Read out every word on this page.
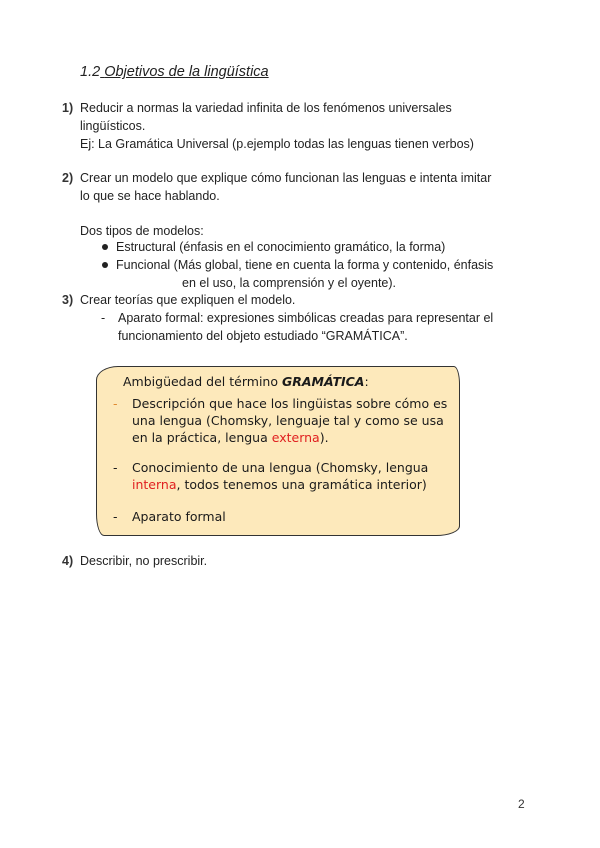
1.2 Objetivos de la lingüística
1) Reducir a normas la variedad infinita de los fenómenos universales
lingüísticos.
Ej: La Gramática Universal (p.ejemplo todas las lenguas tienen verbos)
2) Crear un modelo que explique cómo funcionan las lenguas e intenta imitar
lo que se hace hablando.
Dos tipos de modelos:
Estructural (énfasis en el conocimiento gramático, la forma)
Funcional (Más global, tiene en cuenta la forma y contenido, énfasis
en el uso, la comprensión y el oyente).
3) Crear teorías que expliquen el modelo.
- Aparato formal: expresiones simbólicas creadas para representar el
funcionamiento del objeto estudiado “GRAMÁTICA”.
Ambigüedad del término GRAMÁTICA:
- Descripción que hace los lingüistas sobre cómo es
una lengua (Chomsky, lenguaje tal y como se usa
en la práctica, lengua externa).
- Conocimiento de una lengua (Chomsky, lengua
interna, todos tenemos una gramática interior)
- Aparato formal
4) Describir, no prescribir.
2
